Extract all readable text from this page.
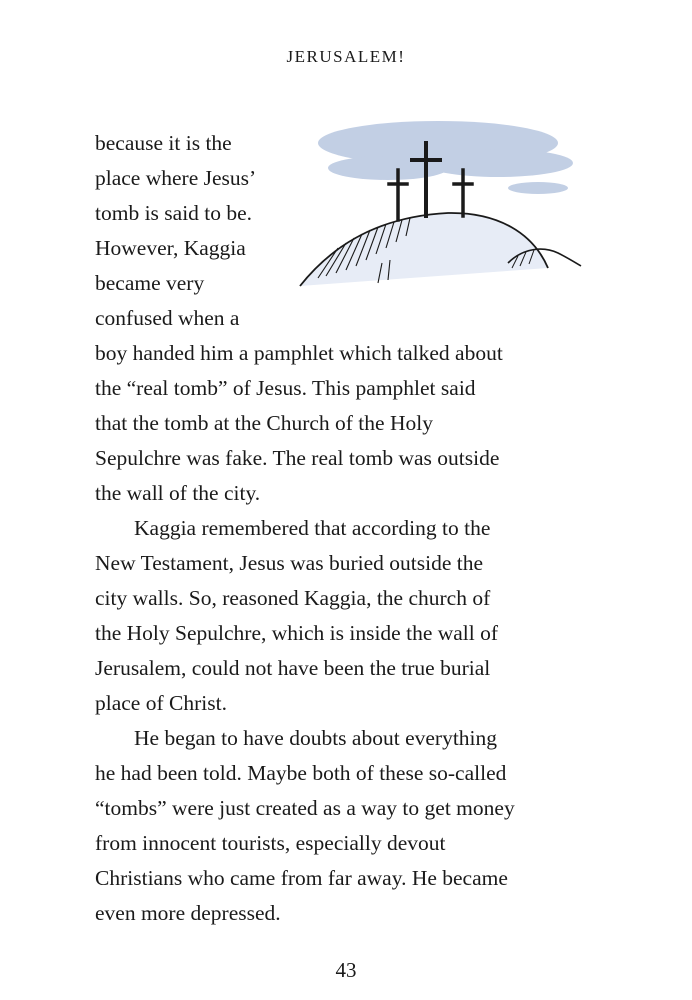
JERUSALEM!
because it is the
place where Jesus’
tomb is said to be.
However, Kaggia
became very
confused when a
boy handed him a pamphlet which talked about
the “real tomb” of Jesus. This pamphlet said
that the tomb at the Church of the Holy
Sepulchre was fake. The real tomb was outside
the wall of the city.
Kaggia remembered that according to the
New Testament, Jesus was buried outside the
city walls. So, reasoned Kaggia, the church of
the Holy Sepulchre, which is inside the wall of
Jerusalem, could not have been the true burial
place of Christ.
He began to have doubts about everything
he had been told. Maybe both of these so-called
“tombs” were just created as a way to get money
from innocent tourists, especially devout
Christians who came from far away. He became
even more depressed.
43
